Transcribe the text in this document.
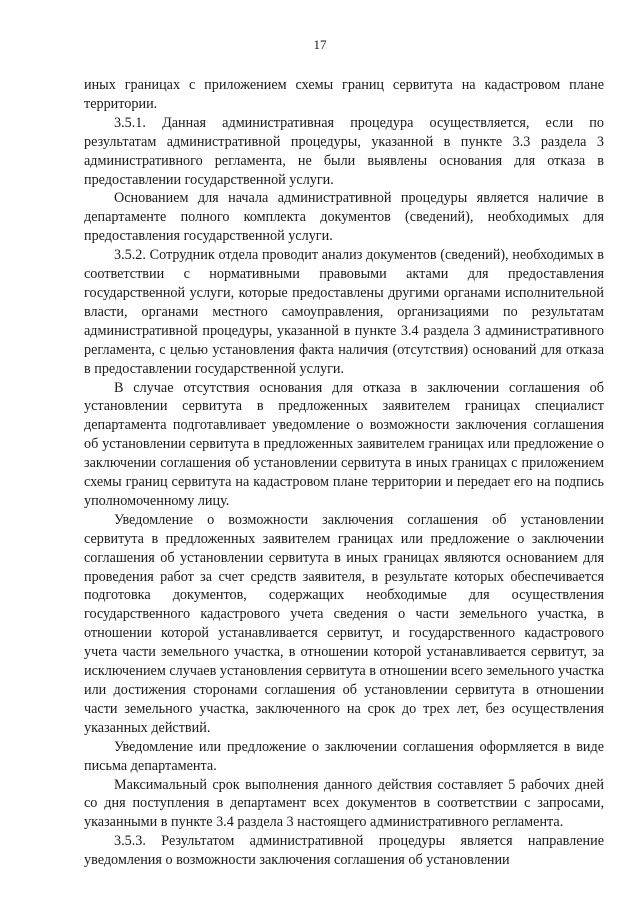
17

иных границах с приложением схемы границ сервитута на кадастровом плане территории.

3.5.1. Данная административная процедура осуществляется, если по результатам административной процедуры, указанной в пункте 3.3 раздела 3 административного регламента, не были выявлены основания для отказа в предоставлении государственной услуги.

Основанием для начала административной процедуры является наличие в департаменте полного комплекта документов (сведений), необходимых для предоставления государственной услуги.

3.5.2. Сотрудник отдела проводит анализ документов (сведений), необходимых в соответствии с нормативными правовыми актами для предоставления государственной услуги, которые предоставлены другими органами исполнительной власти, органами местного самоуправления, организациями по результатам административной процедуры, указанной в пункте 3.4 раздела 3 административного регламента, с целью установления факта наличия (отсутствия) оснований для отказа в предоставлении государственной услуги.

В случае отсутствия основания для отказа в заключении соглашения об установлении сервитута в предложенных заявителем границах специалист департамента подготавливает уведомление о возможности заключения соглашения об установлении сервитута в предложенных заявителем границах или предложение о заключении соглашения об установлении сервитута в иных границах с приложением схемы границ сервитута на кадастровом плане территории и передает его на подпись уполномоченному лицу.

Уведомление о возможности заключения соглашения об установлении сервитута в предложенных заявителем границах или предложение о заключении соглашения об установлении сервитута в иных границах являются основанием для проведения работ за счет средств заявителя, в результате которых обеспечивается подготовка документов, содержащих необходимые для осуществления государственного кадастрового учета сведения о части земельного участка, в отношении которой устанавливается сервитут, и государственного кадастрового учета части земельного участка, в отношении которой устанавливается сервитут, за исключением случаев установления сервитута в отношении всего земельного участка или достижения сторонами соглашения об установлении сервитута в отношении части земельного участка, заключенного на срок до трех лет, без осуществления указанных действий.

Уведомление или предложение о заключении соглашения оформляется в виде письма департамента.

Максимальный срок выполнения данного действия составляет 5 рабочих дней со дня поступления в департамент всех документов в соответствии с запросами, указанными в пункте 3.4 раздела 3 настоящего административного регламента.

3.5.3. Результатом административной процедуры является направление уведомления о возможности заключения соглашения об установлении
